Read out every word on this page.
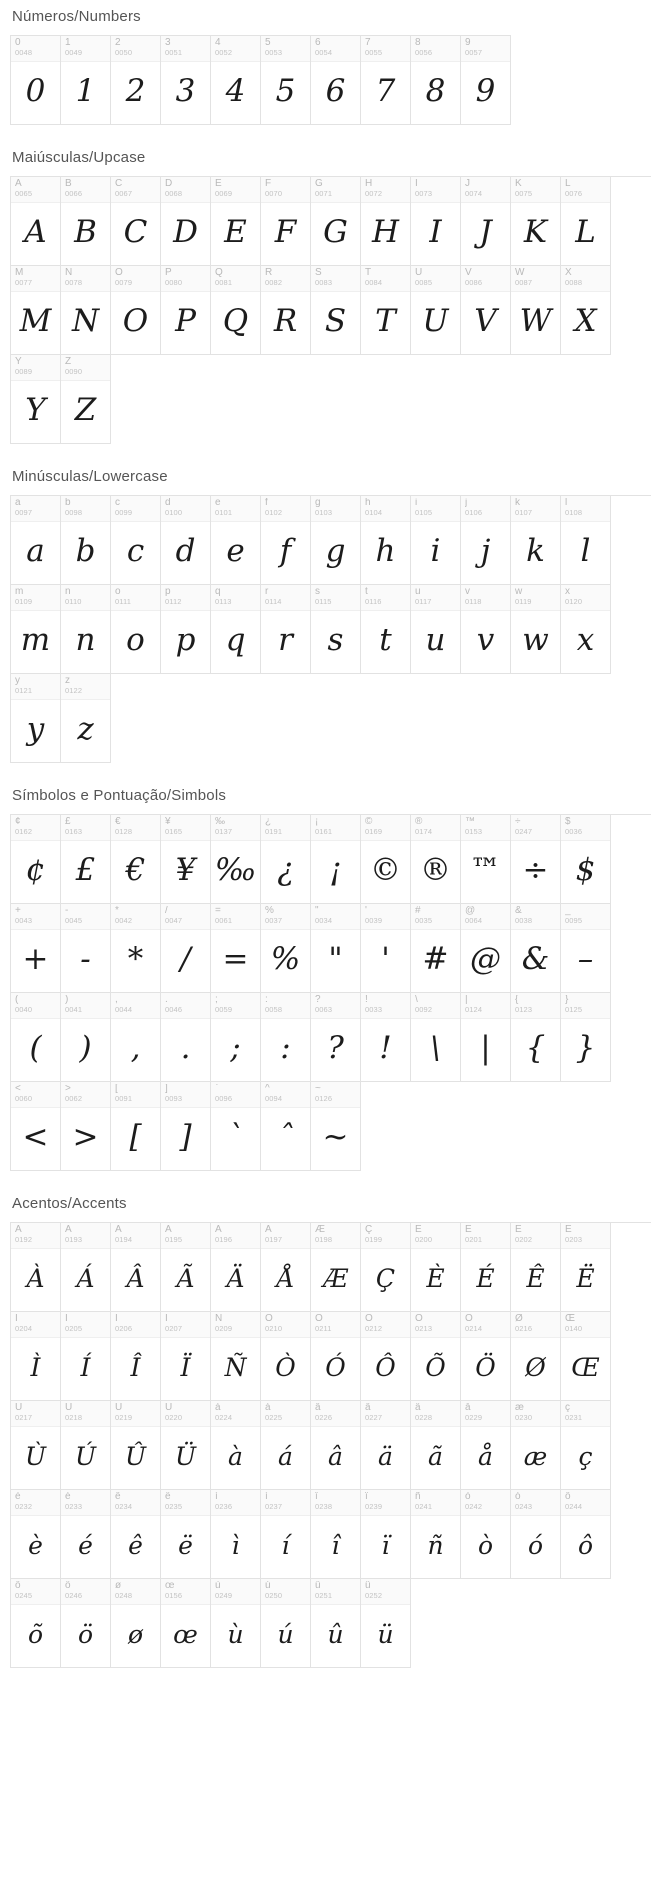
Números/Numbers
0
0048
0
1
0049
1
2
0050
2
3
0051
3
4
0052
4
5
0053
5
6
0054
6
7
0055
7
8
0056
8
9
0057
9
Maiúsculas/Upcase
A
0065
A
B
0066
B
C
0067
C
D
0068
D
E
0069
E
F
0070
F
G
0071
G
H
0072
H
I
0073
I
J
0074
J
K
0075
K
L
0076
L
M
0077
M
N
0078
N
O
0079
O
P
0080
P
Q
0081
Q
R
0082
R
S
0083
S
T
0084
T
U
0085
U
V
0086
V
W
0087
W
X
0088
X
Y
0089
Y
Z
0090
Z
Minúsculas/Lowercase
a
0097
a
b
0098
b
c
0099
c
d
0100
d
e
0101
e
f
0102
f
g
0103
g
h
0104
h
i
0105
i
j
0106
j
k
0107
k
l
0108
l
m
0109
m
n
0110
n
o
0111
o
p
0112
p
q
0113
q
r
0114
r
s
0115
s
t
0116
t
u
0117
u
v
0118
v
w
0119
w
x
0120
x
y
0121
y
z
0122
z
Símbolos e Pontuação/Simbols
¢
0162
¢
£
0163
£
€
0128
€
¥
0165
¥
‰
0137
‰
¿
0191
¿
¡
0161
¡
©
0169
©
®
0174
®
™
0153
™
÷
0247
÷
$
0036
$
+
0043
+
-
0045
-
*
0042
*
/
0047
/
=
0061
=
%
0037
%
"
0034
"
'
0039
'
#
0035
#
@
0064
@
&
0038
&
_
0095
–
(
0040
(
)
0041
)
,
0044
,
.
0046
.
;
0059
;
:
0058
:
?
0063
?
!
0033
!
\
0092
\
|
0124
|
{
0123
{
}
0125
}
<
0060
<
>
0062
>
[
0091
[
]
0093
]
`
0096
`
^
0094
ˆ
~
0126
~
Acentos/Accents
À
0192
À
Á
0193
Á
Â
0194
Â
Ã
0195
Ã
Ä
0196
Ä
Å
0197
Å
Æ
0198
Æ
Ç
0199
Ç
È
0200
È
É
0201
É
Ê
0202
Ê
Ë
0203
Ë
Ì
0204
Ì
Í
0205
Í
Î
0206
Î
Ï
0207
Ï
Ñ
0209
Ñ
Ò
0210
Ò
Ó
0211
Ó
Ô
0212
Ô
Õ
0213
Õ
Ö
0214
Ö
Ø
0216
Ø
Œ
0140
Œ
Ù
0217
Ù
Ú
0218
Ú
Û
0219
Û
Ü
0220
Ü
à
0224
à
á
0225
á
â
0226
â
ã
0227
ä
ä
0228
ã
å
0229
å
æ
0230
æ
ç
0231
ç
è
0232
è
é
0233
é
ê
0234
ê
ë
0235
ë
ì
0236
ì
í
0237
í
î
0238
î
ï
0239
ï
ñ
0241
ñ
ò
0242
ò
ó
0243
ó
ô
0244
ô
õ
0245
õ
ö
0246
ö
ø
0248
ø
œ
0156
œ
ù
0249
ù
ú
0250
ú
û
0251
û
ü
0252
ü
